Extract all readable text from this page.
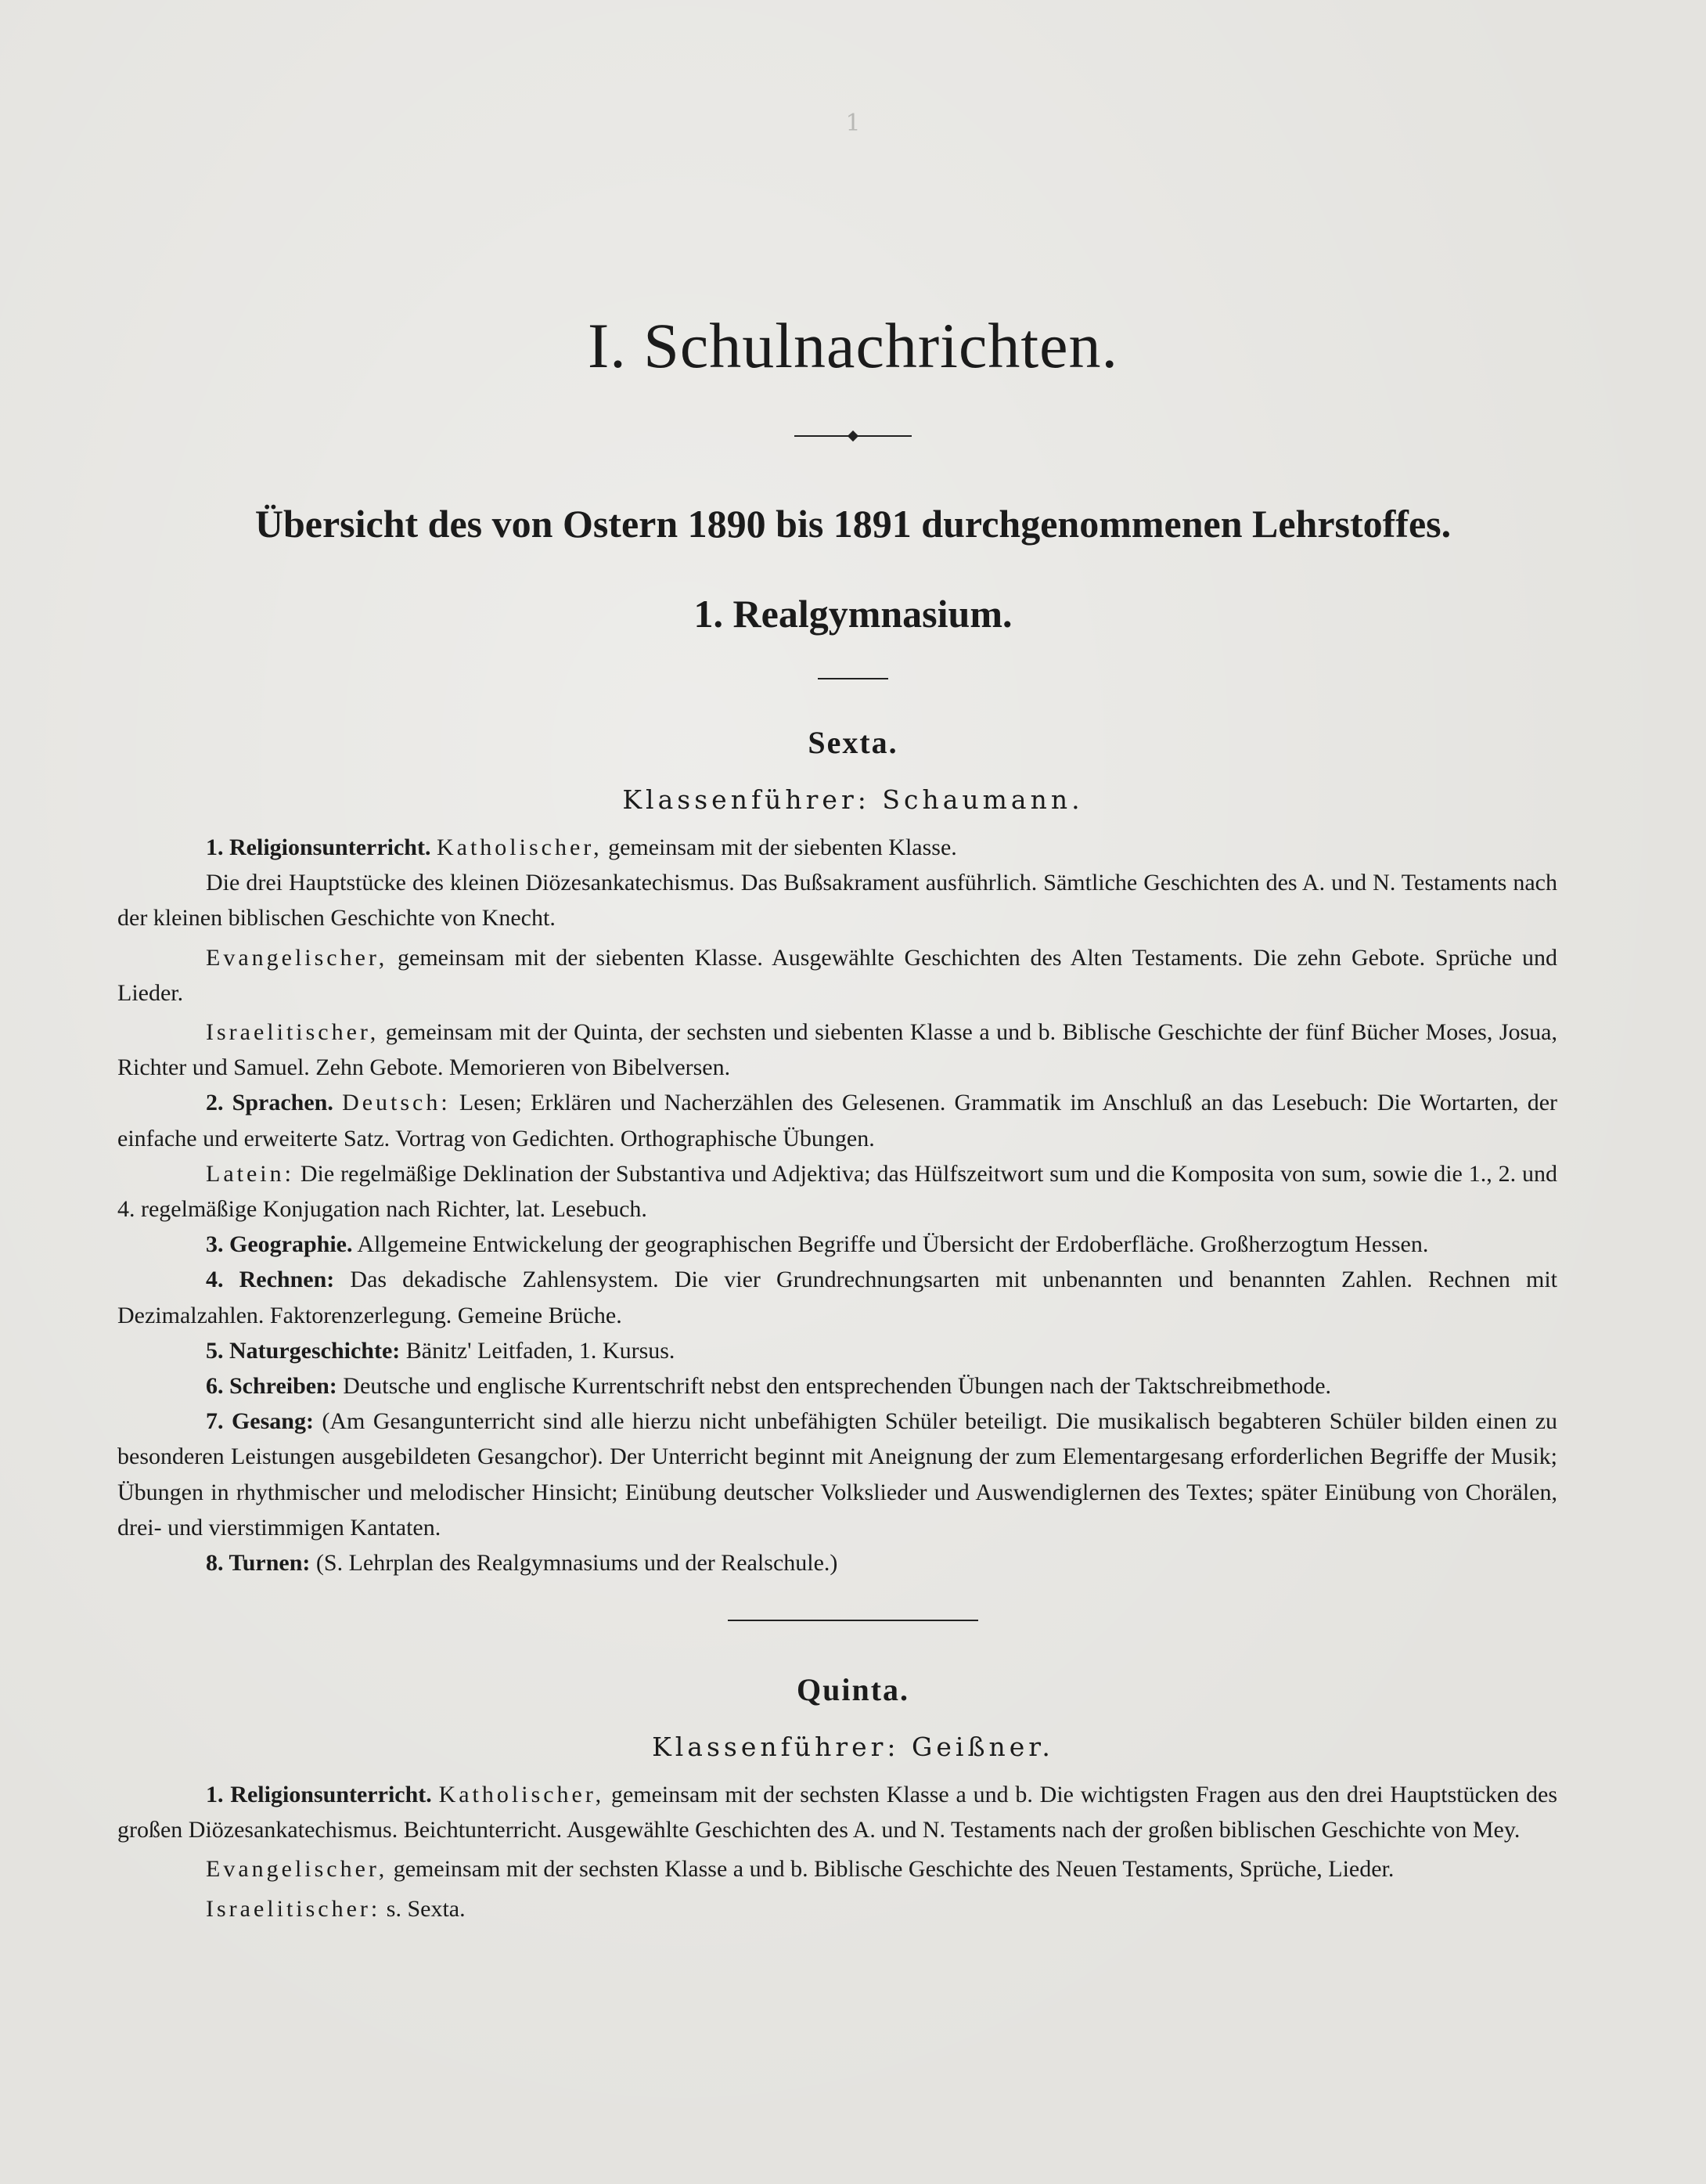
1
I. Schulnachrichten.
Übersicht des von Ostern 1890 bis 1891 durchgenommenen Lehrstoffes.
1. Realgymnasium.
Sexta.
Klassenführer: Schaumann.

1. Religionsunterricht. Katholischer, gemeinsam mit der siebenten Klasse.

Die drei Hauptstücke des kleinen Diözesankatechismus. Das Bußsakrament ausführlich. Sämtliche Geschichten des A. und N. Testaments nach der kleinen biblischen Geschichte von Knecht.

Evangelischer, gemeinsam mit der siebenten Klasse. Ausgewählte Geschichten des Alten Testaments. Die zehn Gebote. Sprüche und Lieder.

Israelitischer, gemeinsam mit der Quinta, der sechsten und siebenten Klasse a und b. Biblische Geschichte der fünf Bücher Moses, Josua, Richter und Samuel. Zehn Gebote. Memorieren von Bibelversen.

2. Sprachen. Deutsch: Lesen; Erklären und Nacherzählen des Gelesenen. Grammatik im Anschluß an das Lesebuch: Die Wortarten, der einfache und erweiterte Satz. Vortrag von Gedichten. Orthographische Übungen.

Latein: Die regelmäßige Deklination der Substantiva und Adjektiva; das Hülfszeitwort sum und die Komposita von sum, sowie die 1., 2. und 4. regelmäßige Konjugation nach Richter, lat. Lesebuch.

3. Geographie. Allgemeine Entwickelung der geographischen Begriffe und Übersicht der Erdoberfläche. Großherzogtum Hessen.

4. Rechnen: Das dekadische Zahlensystem. Die vier Grundrechnungsarten mit unbenannten und benannten Zahlen. Rechnen mit Dezimalzahlen. Faktorenzerlegung. Gemeine Brüche.

5. Naturgeschichte: Bänitz' Leitfaden, 1. Kursus.

6. Schreiben: Deutsche und englische Kurrentschrift nebst den entsprechenden Übungen nach der Taktschreibmethode.

7. Gesang: (Am Gesangunterricht sind alle hierzu nicht unbefähigten Schüler beteiligt. Die musikalisch begabteren Schüler bilden einen zu besonderen Leistungen ausgebildeten Gesangchor). Der Unterricht beginnt mit Aneignung der zum Elementargesang erforderlichen Begriffe der Musik; Übungen in rhythmischer und melodischer Hinsicht; Einübung deutscher Volkslieder und Auswendiglernen des Textes; später Einübung von Chorälen, drei- und vierstimmigen Kantaten.

8. Turnen: (S. Lehrplan des Realgymnasiums und der Realschule.)

Quinta.
Klassenführer: Geißner.

1. Religionsunterricht. Katholischer, gemeinsam mit der sechsten Klasse a und b. Die wichtigsten Fragen aus den drei Hauptstücken des großen Diözesankatechismus. Beichtunterricht. Ausgewählte Geschichten des A. und N. Testaments nach der großen biblischen Geschichte von Mey.

Evangelischer, gemeinsam mit der sechsten Klasse a und b. Biblische Geschichte des Neuen Testaments, Sprüche, Lieder.

Israelitischer: s. Sexta.
